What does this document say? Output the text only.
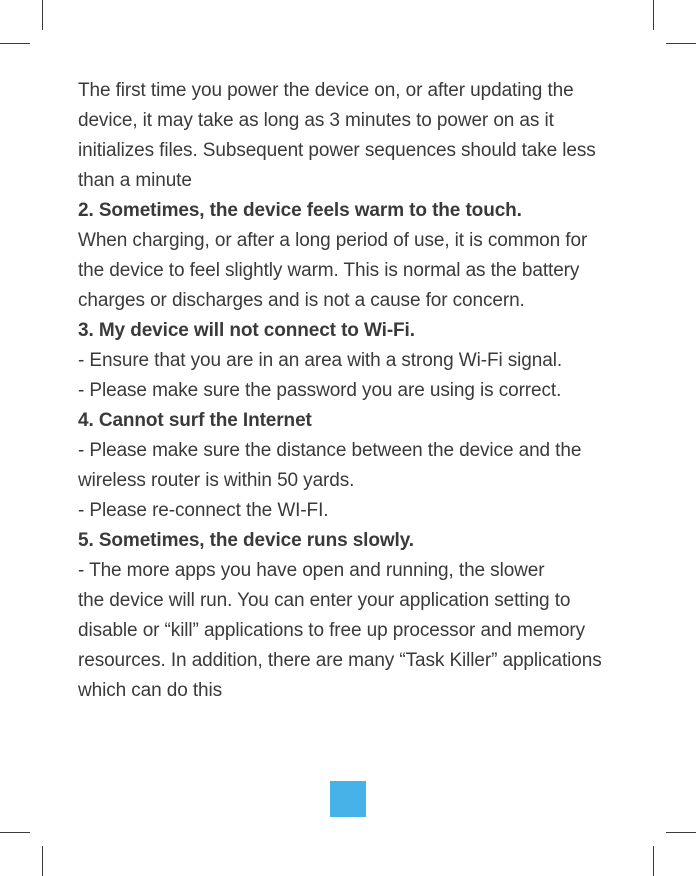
The first time you power the device on, or after updating the
device, it may take as long as 3 minutes to power on as it
initializes files. Subsequent power sequences should take less
than a minute

2. Sometimes, the device feels warm to the touch.

When charging, or after a long period of use, it is common for
the device to feel slightly warm. This is normal as the battery
charges or discharges and is not a cause for concern.

3. My device will not connect to Wi-Fi.

- Ensure that you are in an area with a strong Wi-Fi signal.

- Please make sure the password you are using is correct.

4. Cannot surf the Internet

- Please make sure the distance between the device and the
wireless router is within 50 yards.

- Please re-connect the WI-FI.

5. Sometimes, the device runs slowly.

- The more apps you have open and running, the slower
the device will run. You can enter your application setting to
disable or “kill” applications to free up processor and memory
resources. In addition, there are many “Task Killer” applications
which can do this
